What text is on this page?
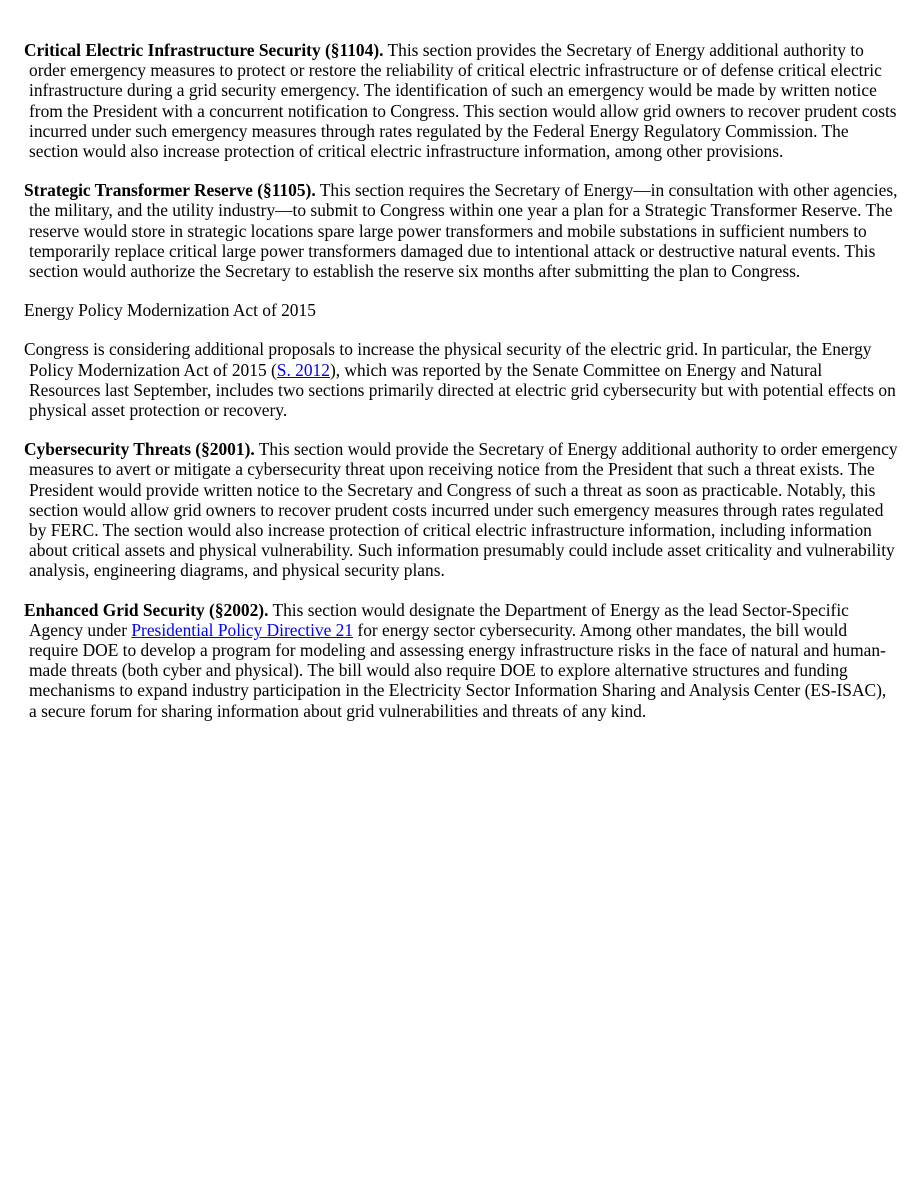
Critical Electric Infrastructure Security (§1104). This section provides the Secretary of Energy additional authority to order emergency measures to protect or restore the reliability of critical electric infrastructure or of defense critical electric infrastructure during a grid security emergency. The identification of such an emergency would be made by written notice from the President with a concurrent notification to Congress. This section would allow grid owners to recover prudent costs incurred under such emergency measures through rates regulated by the Federal Energy Regulatory Commission. The section would also increase protection of critical electric infrastructure information, among other provisions.

Strategic Transformer Reserve (§1105). This section requires the Secretary of Energy—in consultation with other agencies, the military, and the utility industry—to submit to Congress within one year a plan for a Strategic Transformer Reserve. The reserve would store in strategic locations spare large power transformers and mobile substations in sufficient numbers to temporarily replace critical large power transformers damaged due to intentional attack or destructive natural events. This section would authorize the Secretary to establish the reserve six months after submitting the plan to Congress.

Energy Policy Modernization Act of 2015

Congress is considering additional proposals to increase the physical security of the electric grid. In particular, the Energy Policy Modernization Act of 2015 (S. 2012), which was reported by the Senate Committee on Energy and Natural Resources last September, includes two sections primarily directed at electric grid cybersecurity but with potential effects on physical asset protection or recovery.

Cybersecurity Threats (§2001). This section would provide the Secretary of Energy additional authority to order emergency measures to avert or mitigate a cybersecurity threat upon receiving notice from the President that such a threat exists. The President would provide written notice to the Secretary and Congress of such a threat as soon as practicable. Notably, this section would allow grid owners to recover prudent costs incurred under such emergency measures through rates regulated by FERC. The section would also increase protection of critical electric infrastructure information, including information about critical assets and physical vulnerability. Such information presumably could include asset criticality and vulnerability analysis, engineering diagrams, and physical security plans.

Enhanced Grid Security (§2002). This section would designate the Department of Energy as the lead Sector-Specific Agency under Presidential Policy Directive 21 for energy sector cybersecurity. Among other mandates, the bill would require DOE to develop a program for modeling and assessing energy infrastructure risks in the face of natural and human-made threats (both cyber and physical). The bill would also require DOE to explore alternative structures and funding mechanisms to expand industry participation in the Electricity Sector Information Sharing and Analysis Center (ES-ISAC), a secure forum for sharing information about grid vulnerabilities and threats of any kind.
